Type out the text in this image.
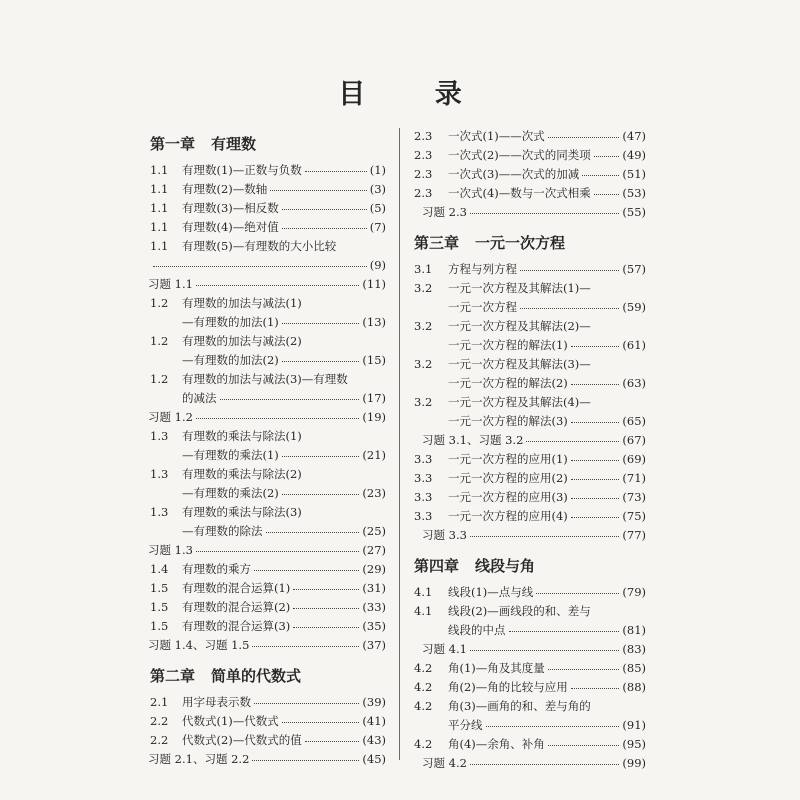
目 录
第一章 有理数
1.1	有理数(1)—正数与负数	(1)
1.1	有理数(2)—数轴	(3)
1.1	有理数(3)—相反数	(5)
1.1	有理数(4)—绝对值	(7)
1.1	有理数(5)—有理数的大小比较
(9)
习题 1.1	(11)
1.2	有理数的加法与减法(1)
—有理数的加法(1)	(13)
1.2	有理数的加法与减法(2)
—有理数的加法(2)	(15)
1.2	有理数的加法与减法(3)—有理数
的减法	(17)
习题 1.2	(19)
1.3	有理数的乘法与除法(1)
—有理数的乘法(1)	(21)
1.3	有理数的乘法与除法(2)
—有理数的乘法(2)	(23)
1.3	有理数的乘法与除法(3)
—有理数的除法	(25)
习题 1.3	(27)
1.4	有理数的乘方	(29)
1.5	有理数的混合运算(1)	(31)
1.5	有理数的混合运算(2)	(33)
1.5	有理数的混合运算(3)	(35)
习题 1.4、习题 1.5	(37)
第二章 简单的代数式
2.1	用字母表示数	(39)
2.2	代数式(1)—代数式	(41)
2.2	代数式(2)—代数式的值	(43)
习题 2.1、习题 2.2	(45)
2.3	一次式(1)——次式	(47)
2.3	一次式(2)——次式的同类项	(49)
2.3	一次式(3)——次式的加减	(51)
2.3	一次式(4)—数与一次式相乘	(53)
习题 2.3	(55)
第三章 一元一次方程
3.1	方程与列方程	(57)
3.2	一元一次方程及其解法(1)—
一元一次方程	(59)
3.2	一元一次方程及其解法(2)—
一元一次方程的解法(1)	(61)
3.2	一元一次方程及其解法(3)—
一元一次方程的解法(2)	(63)
3.2	一元一次方程及其解法(4)—
一元一次方程的解法(3)	(65)
习题 3.1、习题 3.2	(67)
3.3	一元一次方程的应用(1)	(69)
3.3	一元一次方程的应用(2)	(71)
3.3	一元一次方程的应用(3)	(73)
3.3	一元一次方程的应用(4)	(75)
习题 3.3	(77)
第四章 线段与角
4.1	线段(1)—点与线	(79)
4.1	线段(2)—画线段的和、差与
线段的中点	(81)
习题 4.1	(83)
4.2	角(1)—角及其度量	(85)
4.2	角(2)—角的比较与应用	(88)
4.2	角(3)—画角的和、差与角的
平分线	(91)
4.2	角(4)—余角、补角	(95)
习题 4.2	(99)
